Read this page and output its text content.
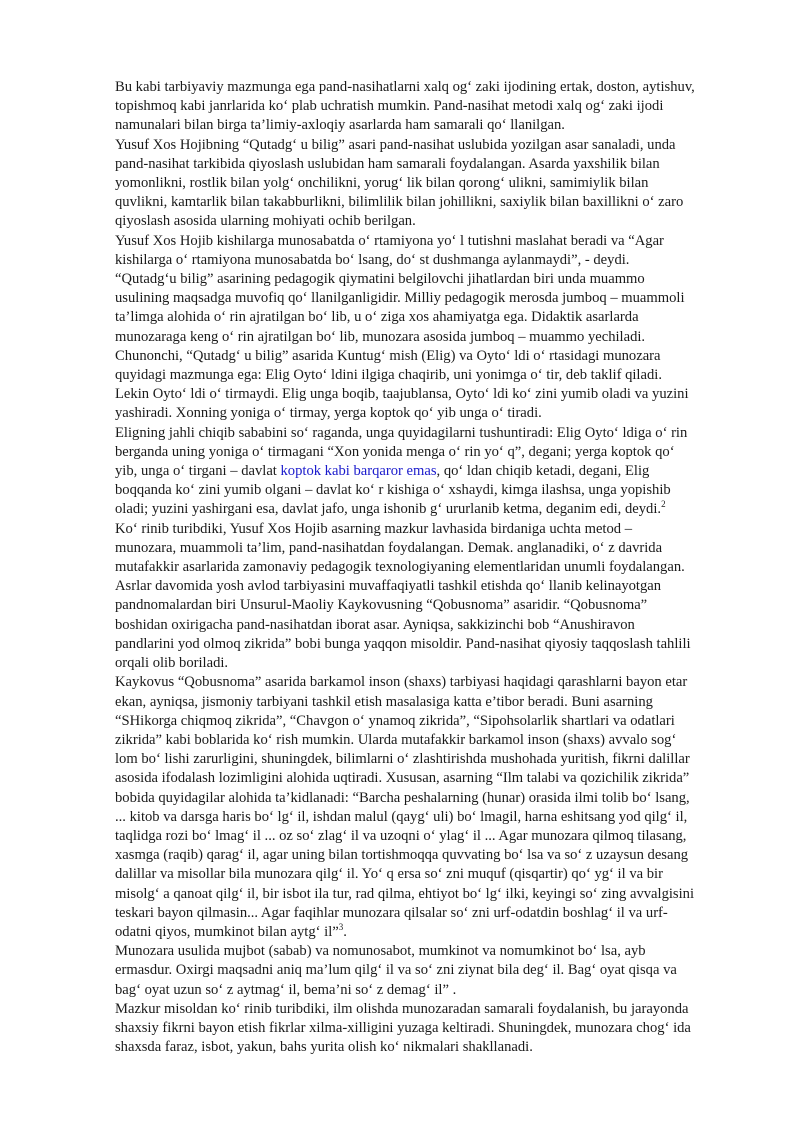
Bu kabi tarbiyaviy mazmunga ega pand-nasihatlarni xalq og‘ zaki ijodining ertak, doston, aytishuv, topishmoq kabi janrlarida ko‘ plab uchratish mumkin. Pand-nasihat metodi xalq og‘ zaki ijodi namunalari bilan birga ta’limiy-axloqiy asarlarda ham samarali qo‘ llanilgan.

Yusuf Xos Hojibning “Qutadg‘ u bilig” asari pand-nasihat uslubida yozilgan asar sanaladi, unda pand-nasihat tarkibida qiyoslash uslubidan ham samarali foydalangan. Asarda yaxshilik bilan yomonlikni, rostlik bilan yolg‘ onchilikni, yorug‘ lik bilan qorong‘ ulikni, samimiylik bilan quvlikni, kamtarlik bilan takabburlikni, bilimlilik bilan johillikni, saxiylik bilan baxillikni o‘ zaro qiyoslash asosida ularning mohiyati ochib berilgan.

Yusuf Xos Hojib kishilarga munosabatda o‘ rtamiyona yo‘ l tutishni maslahat beradi va “Agar kishilarga o‘ rtamiyona munosabatda bo‘ lsang, do‘ st dushmanga aylanmaydi”, - deydi.

“Qutadg‘u bilig” asarining pedagogik qiymatini belgilovchi jihatlardan biri unda muammo usulining maqsadga muvofiq qo‘ llanilganligidir. Milliy pedagogik merosda jumboq – muammoli ta’limga alohida o‘ rin ajratilgan bo‘ lib, u o‘ ziga xos ahamiyatga ega. Didaktik asarlarda munozaraga keng o‘ rin ajratilgan bo‘ lib, munozara asosida jumboq – muammo yechiladi. Chunonchi, “Qutadg‘ u bilig” asarida Kuntug‘ mish (Elig) va Oyto‘ ldi o‘ rtasidagi munozara quyidagi mazmunga ega: Elig Oyto‘ ldini ilgiga chaqirib, uni yonimga o‘ tir, deb taklif qiladi. Lekin Oyto‘ ldi o‘ tirmaydi. Elig unga boqib, taajublansa, Oyto‘ ldi ko‘ zini yumib oladi va yuzini yashiradi. Xonning yoniga o‘ tirmay, yerga koptok qo‘ yib unga o‘ tiradi.

Eligning jahli chiqib sababini so‘ raganda, unga quyidagilarni tushuntiradi: Elig Oyto‘ ldiga o‘ rin berganda uning yoniga o‘ tirmagani “Xon yonida menga o‘ rin yo‘ q”, degani; yerga koptok qo‘ yib, unga o‘ tirgani – davlat koptok kabi barqaror emas, qo‘ ldan chiqib ketadi, degani, Elig boqqanda ko‘ zini yumib olgani – davlat ko‘ r kishiga o‘ xshaydi, kimga ilashsa, unga yopishib oladi; yuzini yashirgani esa, davlat jafo, unga ishonib g‘ ururlanib ketma, deganim edi, deydi.$^2$

Ko‘ rinib turibdiki, Yusuf Xos Hojib asarning mazkur lavhasida birdaniga uchta metod – munozara, muammoli ta’lim, pand-nasihatdan foydalangan. Demak. anglanadiki, o‘ z davrida mutafakkir asarlarida zamonaviy pedagogik texnologiyaning elementlaridan unumli foydalangan.

Asrlar davomida yosh avlod tarbiyasini muvaffaqiyatli tashkil etishda qo‘ llanib kelinayotgan pandnomalardan biri Unsurul-Maoliy Kaykovusning “Qobusnoma” asaridir. “Qobusnoma” boshidan oxirigacha pand-nasihatdan iborat asar. Ayniqsa, sakkizinchi bob “Anushiravon pandlarini yod olmoq zikrida” bobi bunga yaqqon misoldir. Pand-nasihat qiyosiy taqqoslash tahlili orqali olib boriladi.

Kaykovus “Qobusnoma” asarida barkamol inson (shaxs) tarbiyasi haqidagi qarashlarni bayon etar ekan, ayniqsa, jismoniy tarbiyani tashkil etish masalasiga katta e’tibor beradi. Buni asarning “SHikorga chiqmoq zikrida”, “Chavgon o‘ ynamoq zikrida”, “Sipohsolarlik shartlari va odatlari zikrida” kabi boblarida ko‘ rish mumkin. Ularda mutafakkir barkamol inson (shaxs) avvalo sog‘ lom bo‘ lishi zarurligini, shuningdek, bilimlarni o‘ zlashtirishda mushohada yuritish, fikrni dalillar asosida ifodalash lozimligini alohida uqtiradi. Xususan, asarning “Ilm talabi va qozichilik zikrida” bobida quyidagilar alohida ta’kidlanadi: “Barcha peshalarning (hunar) orasida ilmi tolib bo‘ lsang, ... kitob va darsga haris bo‘ lg‘ il, ishdan malul (qayg‘ uli) bo‘ lmagil, harna eshitsang yod qilg‘ il, taqlidga rozi bo‘ lmag‘ il ... oz so‘ zlag‘ il va uzoqni o‘ ylag‘ il ... Agar munozara qilmoq tilasang, xasmga (raqib) qarag‘ il, agar uning bilan tortishmoqqa quvvating bo‘ lsa va so‘ z uzaysun desang dalillar va misollar bila munozara qilg‘ il. Yo‘ q ersa so‘ zni muquf (qisqartir) qo‘ yg‘ il va bir misolg‘ a qanoat qilg‘ il, bir isbot ila tur, rad qilma, ehtiyot bo‘ lg‘ ilki, keyingi so‘ zing avvalgisini teskari bayon qilmasin... Agar faqihlar munozara qilsalar so‘ zni urf-odatdin boshlag‘ il va urf-odatni qiyos, mumkinot bilan aytg‘ il”$^3$.

Munozara usulida mujbot (sabab) va nomunosabot, mumkinot va nomumkinot bo‘ lsa, ayb ermasdur. Oxirgi maqsadni aniq ma’lum qilg‘ il va so‘ zni ziynat bila deg‘ il. Bag‘ oyat qisqa va bag‘ oyat uzun so‘ z aytmag‘ il, bema’ni so‘ z demag‘ il” .

Mazkur misoldan ko‘ rinib turibdiki, ilm olishda munozaradan samarali foydalanish, bu jarayonda shaxsiy fikrni bayon etish fikrlar xilma-xilligini yuzaga keltiradi. Shuningdek, munozara chog‘ ida shaxsda faraz, isbot, yakun, bahs yurita olish ko‘ nikmalari shakllanadi.
